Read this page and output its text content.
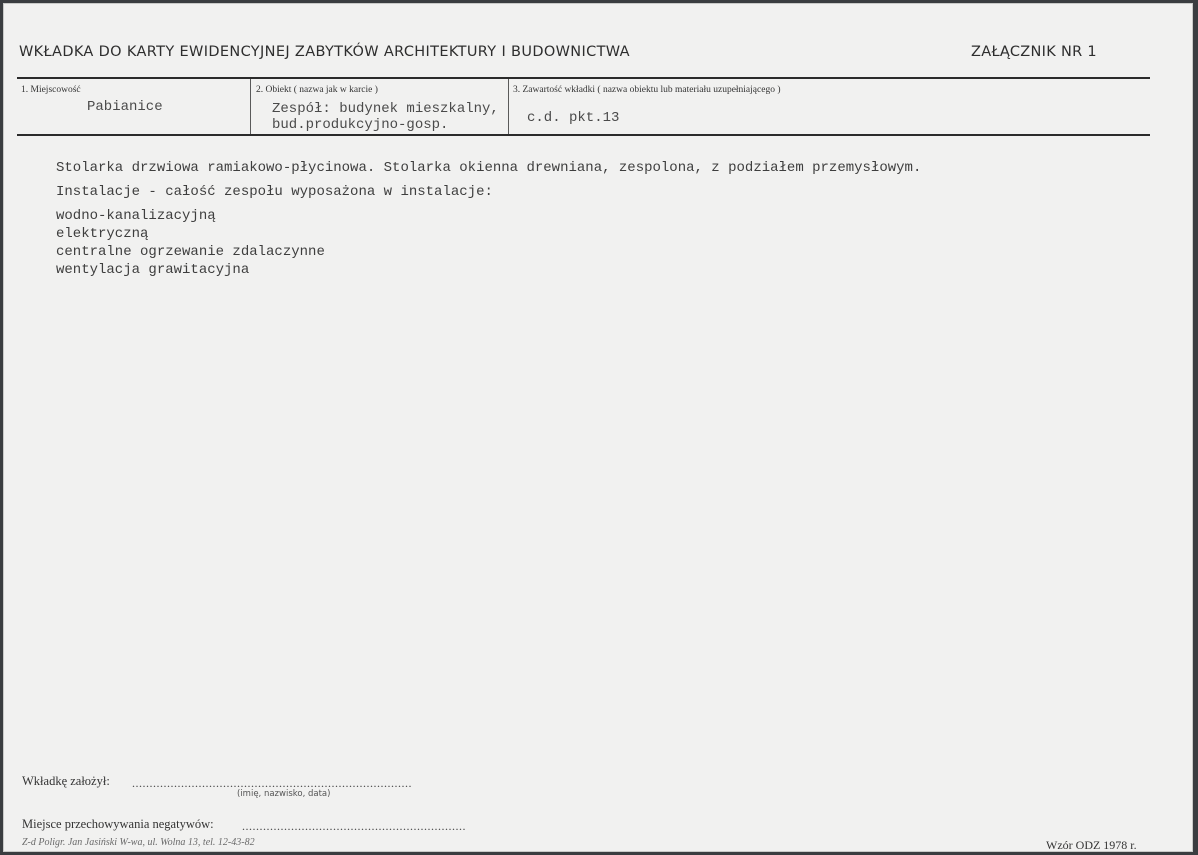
WKŁADKA DO KARTY EWIDENCYJNEJ ZABYTKÓW ARCHITEKTURY I BUDOWNICTWA	ZAŁĄCZNIK NR 1
1. Miejscowość
Pabianice
2. Obiekt ( nazwa jak w karcie )
Zespół: budynek mieszkalny,
bud.produkcyjno-gosp.
3. Zawartość wkładki ( nazwa obiektu lub materiału uzupełniającego )
c.d. pkt.13
Stolarka drzwiowa ramiakowo-płycinowa. Stolarka okienna drewniana, zespolona, z podziałem przemysłowym.
Instalacje - całość zespołu wyposażona w instalacje:
wodno-kanalizacyjną
elektryczną
centralne ogrzewanie zdalaczynne
wentylacja grawitacyjna
Wkładkę założył: ................................................................................
(imię, nazwisko, data)
Miejsce przechowywania negatywów: ................................................................
Z-d Poligr. Jan Jasiński W-wa, ul. Wolna 13, tel. 12-43-82	Wzór ODZ 1978 r.
